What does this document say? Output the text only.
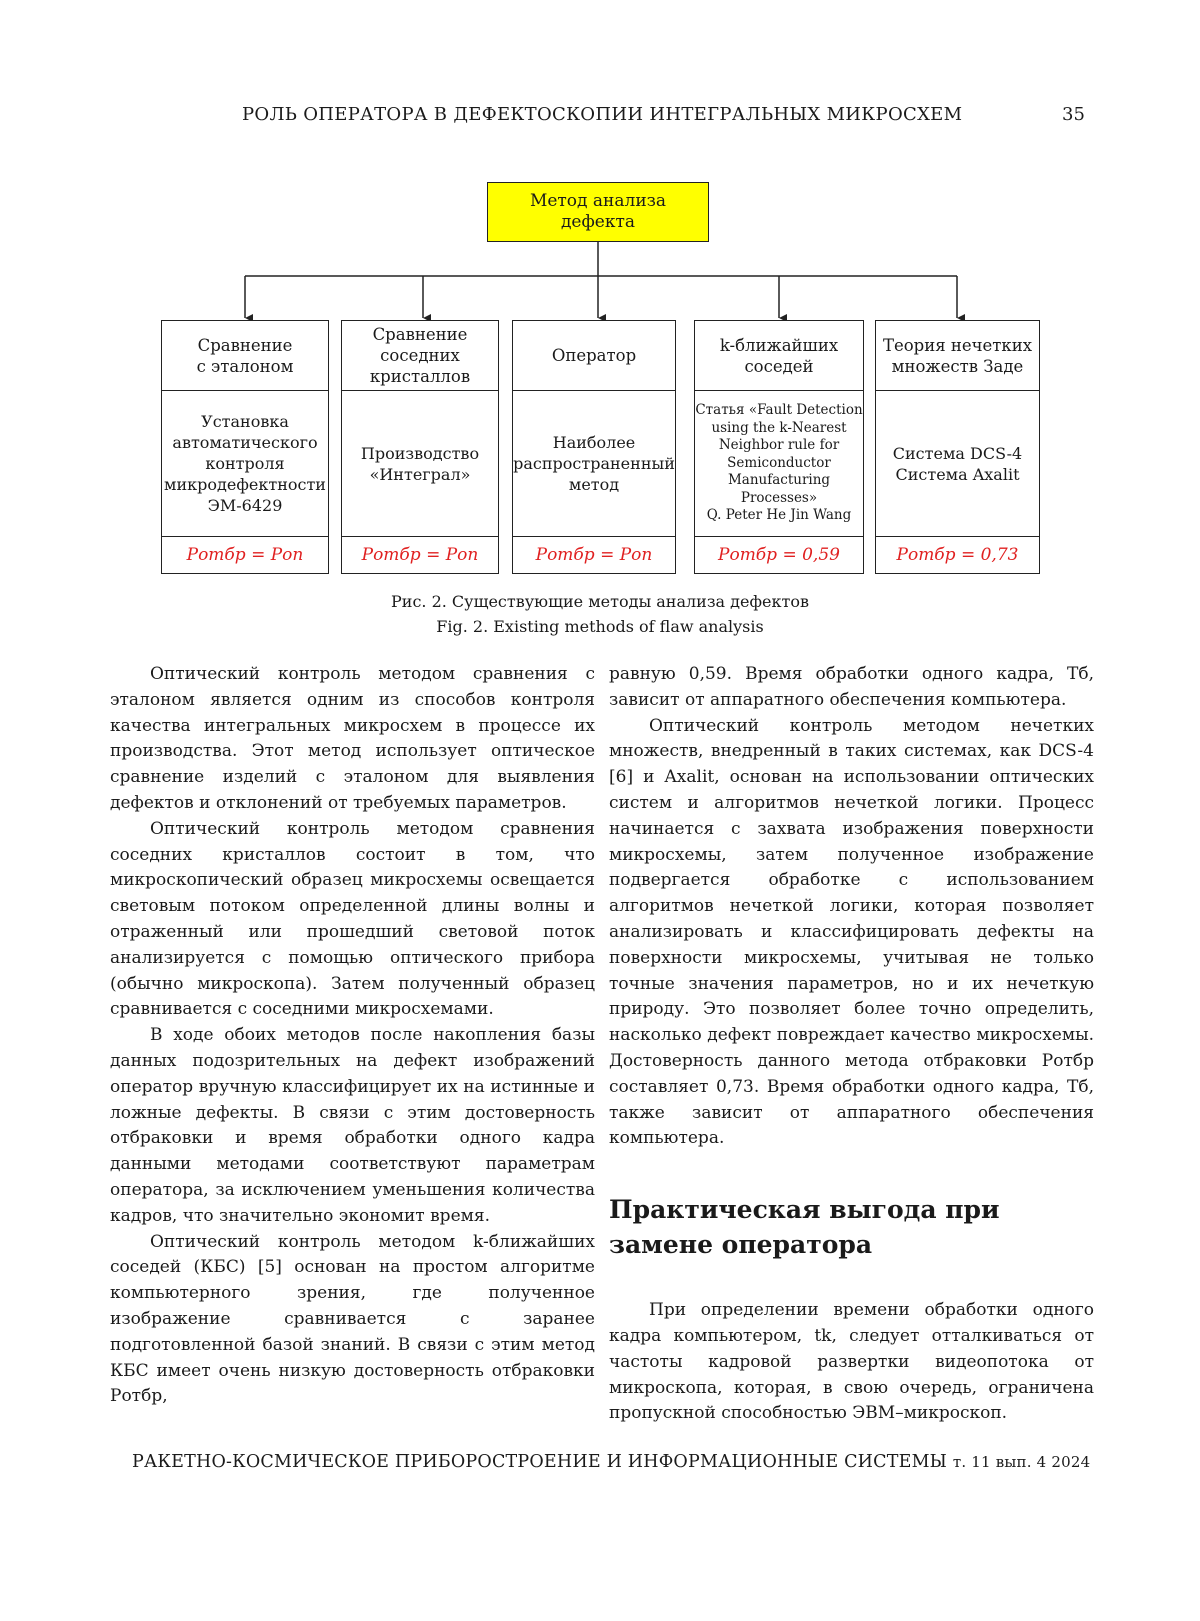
РОЛЬ ОПЕРАТОРА В ДЕФЕКТОСКОПИИ ИНТЕГРАЛЬНЫХ МИКРОСХЕМ	35
Метод анализа
дефекта
Сравнение
с эталоном
Установка
автоматического
контроля
микродефектности
ЭМ-6429
Pотбр = Pоп
Сравнение
соседних
кристаллов
Производство
«Интеграл»
Pотбр = Pоп
Оператор
Наиболее
распространенный
метод
Pотбр = Pоп
k-ближайших
соседей
Статья «Fault Detection
using the k-Nearest
Neighbor rule for
Semiconductor
Manufacturing
Processes»
Q. Peter He Jin Wang
Pотбр = 0,59
Теория нечетких
множеств Заде
Система DCS-4
Система Axalit
Pотбр = 0,73
Рис. 2. Существующие методы анализа дефектов
Fig. 2. Existing methods of flaw analysis

Оптический контроль методом сравнения с эталоном является одним из способов контроля качества интегральных микросхем в процессе их производства. Этот метод использует оптическое сравнение изделий с эталоном для выявления дефектов и отклонений от требуемых параметров.

Оптический контроль методом сравнения соседних кристаллов состоит в том, что микроскопический образец микросхемы освещается световым потоком определенной длины волны и отраженный или прошедший световой поток анализируется с помощью оптического прибора (обычно микроскопа). Затем полученный образец сравнивается с соседними микросхемами.

В ходе обоих методов после накопления базы данных подозрительных на дефект изображений оператор вручную классифицирует их на истинные и ложные дефекты. В связи с этим достоверность отбраковки и время обработки одного кадра данными методами соответствуют параметрам оператора, за исключением уменьшения количества кадров, что значительно экономит время.

Оптический контроль методом k-ближайших соседей (КБС) [5] основан на простом алгоритме компьютерного зрения, где полученное изображение сравнивается с заранее подготовленной базой знаний. В связи с этим метод КБС имеет очень низкую достоверность отбраковки Pотбр,

равную 0,59. Время обработки одного кадра, Tб, зависит от аппаратного обеспечения компьютера.

Оптический контроль методом нечетких множеств, внедренный в таких системах, как DCS-4 [6] и Axalit, основан на использовании оптических систем и алгоритмов нечеткой логики. Процесс начинается с захвата изображения поверхности микросхемы, затем полученное изображение подвергается обработке с использованием алгоритмов нечеткой логики, которая позволяет анализировать и классифицировать дефекты на поверхности микросхемы, учитывая не только точные значения параметров, но и их нечеткую природу. Это позволяет более точно определить, насколько дефект повреждает качество микросхемы. Достоверность данного метода отбраковки Pотбр составляет 0,73. Время обработки одного кадра, Tб, также зависит от аппаратного обеспечения компьютера.

Практическая выгода при замене оператора

При определении времени обработки одного кадра компьютером, tk, следует отталкиваться от частоты кадровой развертки видеопотока от микроскопа, которая, в свою очередь, ограничена пропускной способностью ЭВМ–микроскоп.

РАКЕТНО-КОСМИЧЕСКОЕ ПРИБОРОСТРОЕНИЕ И ИНФОРМАЦИОННЫЕ СИСТЕМЫ т. 11 вып. 4 2024
